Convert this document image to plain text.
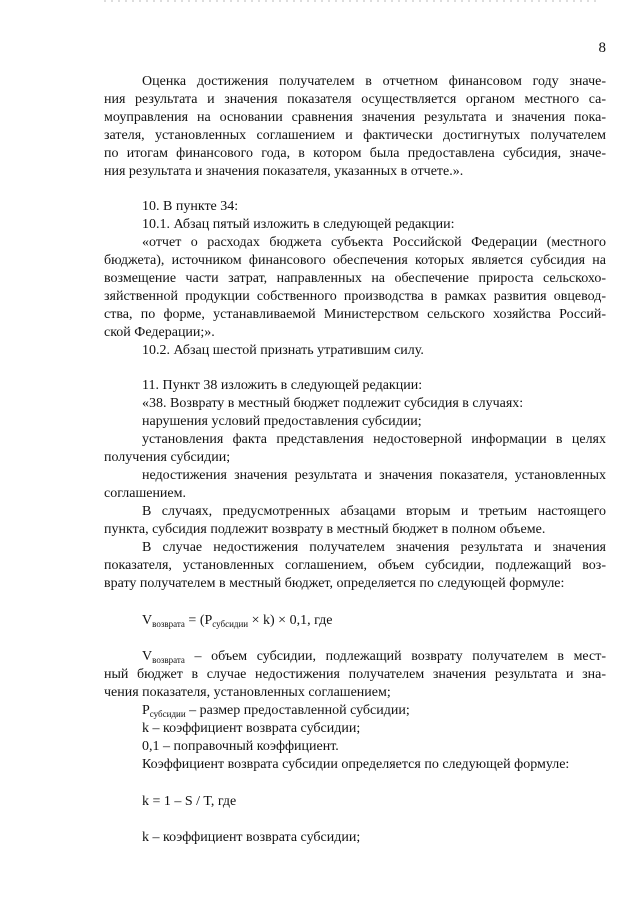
8
Оценка достижения получателем в отчетном финансовом году значе-
ния результата и значения показателя осуществляется органом местного са-
моуправления на основании сравнения значения результата и значения пока-
зателя, установленных соглашением и фактически достигнутых получателем
по итогам финансового года, в котором была предоставлена субсидия, значе-
ния результата и значения показателя, указанных в отчете.».
10. В пункте 34:
10.1. Абзац пятый изложить в следующей редакции:
«отчет о расходах бюджета субъекта Российской Федерации (местного
бюджета), источником финансового обеспечения которых является субсидия на
возмещение части затрат, направленных на обеспечение прироста сельскохо-
зяйственной продукции собственного производства в рамках развития овцевод-
ства, по форме, устанавливаемой Министерством сельского хозяйства Россий-
ской Федерации;».
10.2. Абзац шестой признать утратившим силу.
11. Пункт 38 изложить в следующей редакции:
«38. Возврату в местный бюджет подлежит субсидия в случаях:
нарушения условий предоставления субсидии;
установления факта представления недостоверной информации в целях
получения субсидии;
недостижения значения результата и значения показателя, установленных
соглашением.
В случаях, предусмотренных абзацами вторым и третьим настоящего
пункта, субсидия подлежит возврату в местный бюджет в полном объеме.
В случае недостижения получателем значения результата и значения
показателя, установленных соглашением, объем субсидии, подлежащий воз-
врату получателем в местный бюджет, определяется по следующей формуле:
$V_{возврата} = (P_{субсидии} \times k) \times 0,1$, где
$V_{возврата}$ – объем субсидии, подлежащий возврату получателем в мест-
ный бюджет в случае недостижения получателем значения результата и зна-
чения показателя, установленных соглашением;
$P_{субсидии}$ – размер предоставленной субсидии;
k – коэффициент возврата субсидии;
0,1 – поправочный коэффициент.
Коэффициент возврата субсидии определяется по следующей формуле:
k = 1 – S / T, где
k – коэффициент возврата субсидии;
